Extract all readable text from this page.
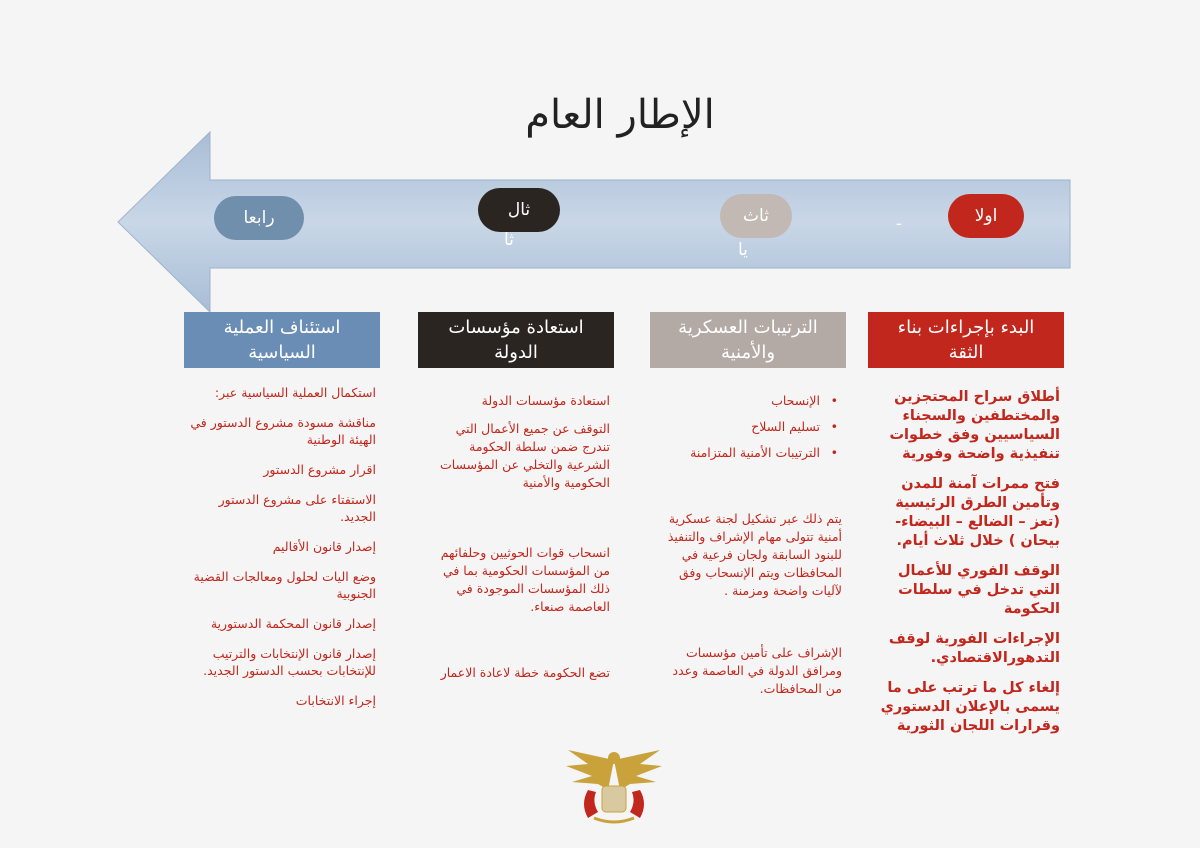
الإطار العام
اولا
-
ثاث
يا
ثال
ثا
رابعا
البدء بإجراءات بناء الثقة
الترتيبات العسكرية والأمنية
استعادة مؤسسات الدولة
استئناف العملية السياسية

أطلاق سراح المحتجزين والمختطفين والسجناء السياسيين وفق خطوات تنفيذية واضحة وفورية

فتح ممرات آمنة للمدن وتأمين الطرق الرئيسية (تعز – الضالع – البيضاء- بيحان ) خلال ثلاث أيام.

الوقف الفوري للأعمال التي تدخل في سلطات الحكومة

الإجراءات الفورية لوقف التدهورالاقتصادي.

إلغاء كل ما ترتب على ما يسمى بالإعلان الدستوري وقرارات اللجان الثورية

• الإنسحاب
• تسليم السلاح
• الترتيبات الأمنية المتزامنة

يتم ذلك عبر تشكيل لجنة عسكرية أمنية تتولى مهام الإشراف والتنفيذ للبنود السابقة ولجان فرعية في المحافظات ويتم الإنسحاب وفق لآليات واضحة ومزمنة .

الإشراف على تأمين مؤسسات ومرافق الدولة في العاصمة وعدد من المحافظات.

استعادة مؤسسات الدولة

التوقف عن جميع الأعمال التي تندرج ضمن سلطة الحكومة الشرعية والتخلي عن المؤسسات الحكومية والأمنية

انسحاب قوات الحوثيين وحلفائهم من المؤسسات الحكومية بما في ذلك المؤسسات الموجودة في العاصمة صنعاء.

تضع الحكومة خطة لاعادة الاعمار

استكمال العملية السياسية عبر:

مناقشة مسودة مشروع الدستور في الهيئة الوطنية

اقرار مشروع الدستور

الاستفتاء على مشروع الدستور الجديد.

إصدار قانون الأقاليم

وضع اليات لحلول ومعالجات القضية الجنوبية

إصدار قانون المحكمة الدستورية

إصدار قانون الإنتخابات والترتيب للإنتخابات بحسب الدستور الجديد.

إجراء الانتخابات
